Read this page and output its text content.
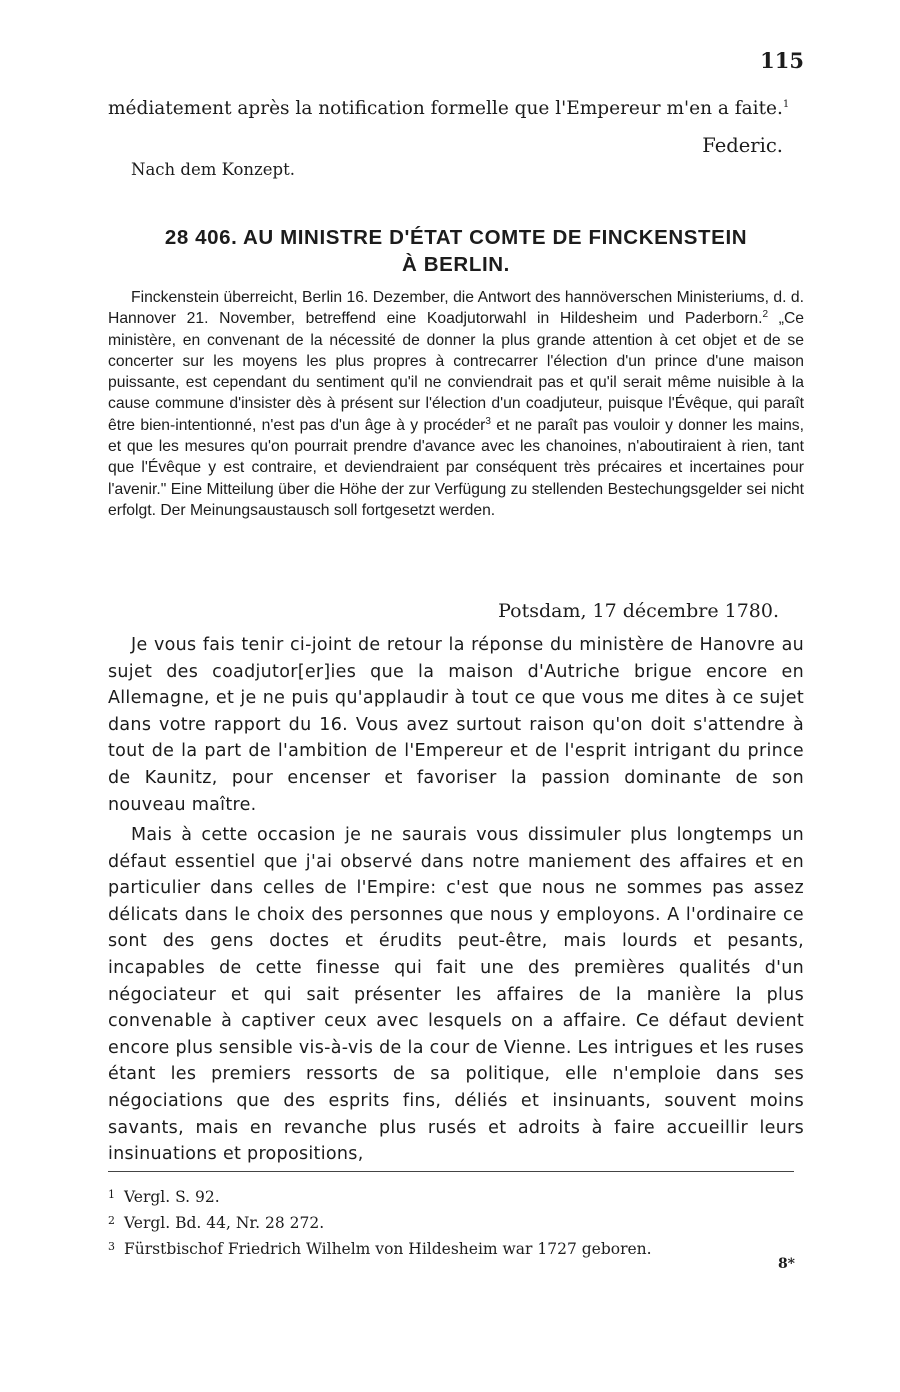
115

médiatement après la notification formelle que l'Empereur m'en a faite.$^1$

Federic.
Nach dem Konzept.
28 406. AU MINISTRE D'ÉTAT COMTE DE FINCKENSTEIN
À BERLIN.

Finckenstein überreicht, Berlin 16. Dezember, die Antwort des hannöverschen Ministeriums, d. d. Hannover 21. November, betreffend eine Koadjutorwahl in Hildesheim und Paderborn.$^2$ „Ce ministère, en convenant de la nécessité de donner la plus grande attention à cet objet et de se concerter sur les moyens les plus propres à contrecarrer l'élection d'un prince d'une maison puissante, est cependant du sentiment qu'il ne conviendrait pas et qu'il serait même nuisible à la cause commune d'insister dès à présent sur l'élection d'un coadjuteur, puisque l'Évêque, qui paraît être bien-intentionné, n'est pas d'un âge à y procéder$^3$ et ne paraît pas vouloir y donner les mains, et que les mesures qu'on pourrait prendre d'avance avec les chanoines, n'aboutiraient à rien, tant que l'Évêque y est contraire, et deviendraient par conséquent très précaires et incertaines pour l'avenir." Eine Mitteilung über die Höhe der zur Verfügung zu stellenden Bestechungsgelder sei nicht erfolgt. Der Meinungsaustausch soll fortgesetzt werden.

Potsdam, 17 décembre 1780.

Je vous fais tenir ci-joint de retour la réponse du ministère de Hanovre au sujet des coadjutor[er]ies que la maison d'Autriche brigue encore en Allemagne, et je ne puis qu'applaudir à tout ce que vous me dites à ce sujet dans votre rapport du 16. Vous avez surtout raison qu'on doit s'attendre à tout de la part de l'ambition de l'Empereur et de l'esprit intrigant du prince de Kaunitz, pour encenser et favoriser la passion dominante de son nouveau maître.

Mais à cette occasion je ne saurais vous dissimuler plus longtemps un défaut essentiel que j'ai observé dans notre maniement des affaires et en particulier dans celles de l'Empire: c'est que nous ne sommes pas assez délicats dans le choix des personnes que nous y employons. A l'ordinaire ce sont des gens doctes et érudits peut-être, mais lourds et pesants, incapables de cette finesse qui fait une des premières qualités d'un négociateur et qui sait présenter les affaires de la manière la plus convenable à captiver ceux avec lesquels on a affaire. Ce défaut devient encore plus sensible vis-à-vis de la cour de Vienne. Les intrigues et les ruses étant les premiers ressorts de sa politique, elle n'emploie dans ses négociations que des esprits fins, déliés et insinuants, souvent moins savants, mais en revanche plus rusés et adroits à faire accueillir leurs insinuations et propositions,

1 Vergl. S. 92.
2 Vergl. Bd. 44, Nr. 28 272.
3 Fürstbischof Friedrich Wilhelm von Hildesheim war 1727 geboren.
8*
